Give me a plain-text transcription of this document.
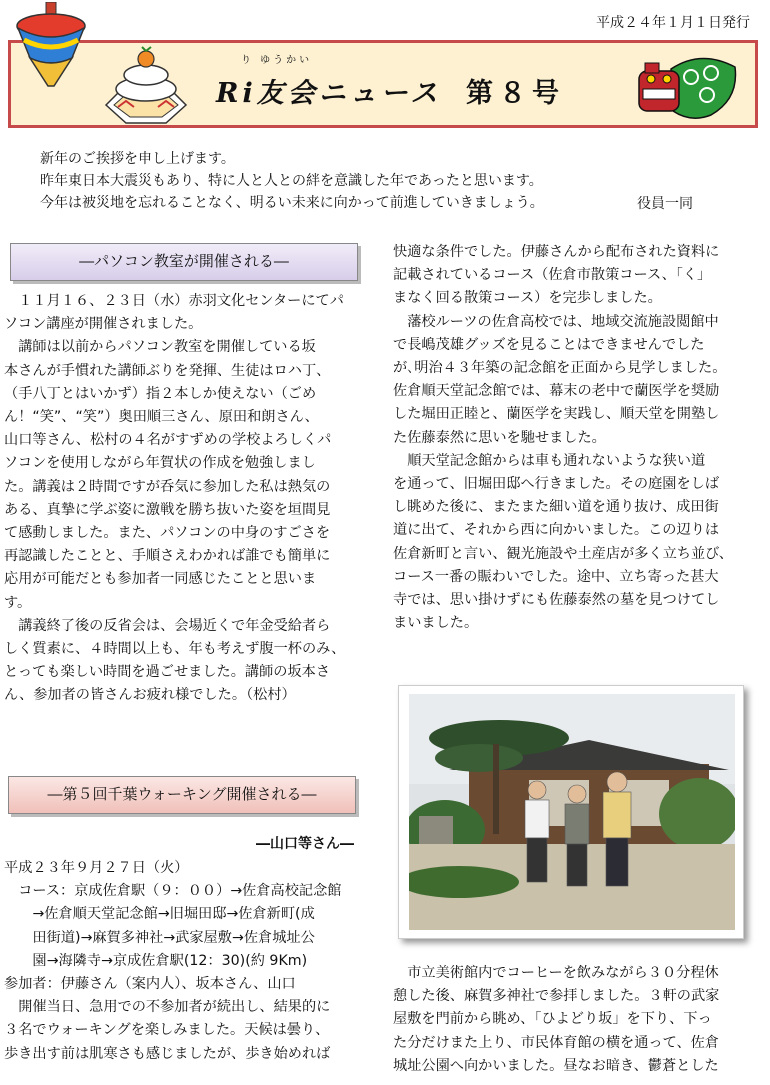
平成２４年１月１日発行
り ゆうかい
Ri友会ニュース 第８号
新年のご挨拶を申し上げます。
昨年東日本大震災もあり、特に人と人との絆を意識した年であったと思います。
今年は被災地を忘れることなく、明るい未来に向かって前進していきましょう。	役員一同
―パソコン教室が開催される―

　１１月１６、２３日（水）赤羽文化センターにてパ

ソコン講座が開催されました。

　講師は以前からパソコン教室を開催している坂

本さんが手慣れた講師ぶりを発揮、生徒はロハ丁、

（手八丁とはいかず）指２本しか使えない（ごめ

ん！“笑”、“笑”）奥田順三さん、原田和朗さん、

山口等さん、松村の４名がすずめの学校よろしくパ

ソコンを使用しながら年賀状の作成を勉強しまし

た。講義は２時間ですが呑気に参加した私は熱気の

ある、真摯に学ぶ姿に激戦を勝ち抜いた姿を垣間見

て感動しました。また、パソコンの中身のすごさを

再認識したことと、手順さえわかれば誰でも簡単に

応用が可能だとも参加者一同感じたことと思いま

す。

　講義終了後の反省会は、会場近くで年金受給者ら

しく質素に、４時間以上も、年も考えず腹一杯のみ、

とっても楽しい時間を過ごせました。講師の坂本さ

ん、参加者の皆さんお疲れ様でした。（松村）

―第５回千葉ウォーキング開催される―
―山口等さん―

平成２３年９月２７日（火）

　コース：京成佐倉駅（９：００）→佐倉高校記念館

　　→佐倉順天堂記念館→旧堀田邸→佐倉新町(成

　　田街道)→麻賀多神社→武家屋敷→佐倉城址公

　　園→海隣寺→京成佐倉駅(12：30)(約 9Km)

参加者：伊藤さん（案内人）、坂本さん、山口

　開催当日、急用での不参加者が続出し、結果的に

３名でウォーキングを楽しみました。天候は曇り、

歩き出す前は肌寒さも感じましたが、歩き始めれば

快適な条件でした。伊藤さんから配布された資料に

記載されているコース（佐倉市散策コース、「く」

まなく回る散策コース）を完歩しました。

　藩校ルーツの佐倉高校では、地域交流施設閲館中

で長嶋茂雄グッズを見ることはできませんでした

が､明治４３年築の記念館を正面から見学しました。

佐倉順天堂記念館では、幕末の老中で蘭医学を奨励

した堀田正睦と、蘭医学を実践し、順天堂を開塾し

た佐藤泰然に思いを馳せました。

　順天堂記念館からは車も通れないような狭い道

を通って、旧堀田邸へ行きました。その庭園をしば

し眺めた後に、またまた細い道を通り抜け、成田街

道に出て、それから西に向かいました。この辺りは

佐倉新町と言い、観光施設や土産店が多く立ち並び、

コース一番の賑わいでした。途中、立ち寄った甚大

寺では、思い掛けずにも佐藤泰然の墓を見つけてし

まいました。

　市立美術館内でコーヒーを飲みながら３０分程休

憩した後、麻賀多神社で参拝しました。３軒の武家

屋敷を門前から眺め、「ひよどり坂」を下り、下っ

た分だけまた上り、市民体育館の横を通って、佐倉

城址公園へ向かいました。昼なお暗き、鬱蒼とした
